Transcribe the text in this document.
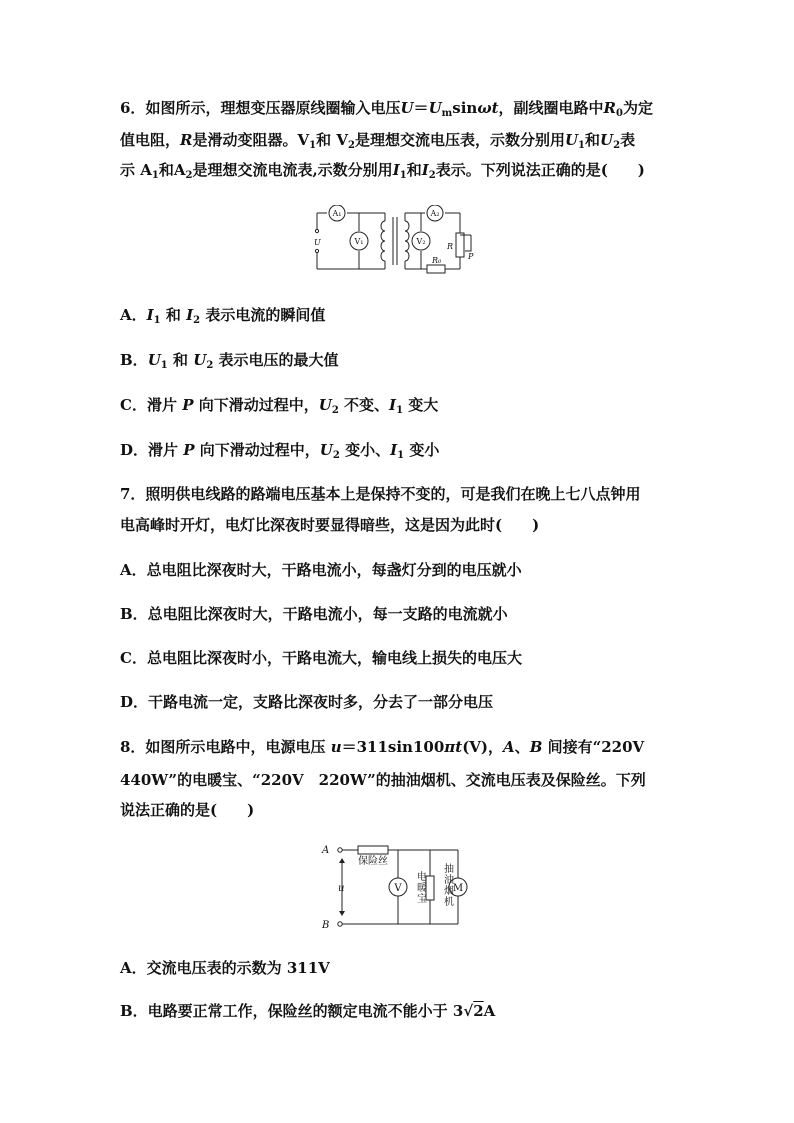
6．如图所示，理想变压器原线圈输入电压$U=U_m\sin\omega t$，副线圈电路中$R_0$为定
值电阻，R是滑动变阻器。$V_1$和 $V_2$是理想交流电压表，示数分别用$U_1$和$U_2$表
示 $A_1$和$A_2$是理想交流电流表,示数分别用$I_1$和$I_2$表示。下列说法正确的是(　　)
A₁
V₁
A₂
V₂
U	R
P
R₀
A．$I_1$ 和 $I_2$ 表示电流的瞬间值
B．$U_1$ 和 $U_2$ 表示电压的最大值
C．滑片 P 向下滑动过程中，$U_2$ 不变、$I_1$ 变大
D．滑片 P 向下滑动过程中，$U_2$ 变小、$I_1$ 变小
7．照明供电线路的路端电压基本上是保持不变的，可是我们在晚上七八点钟用
电高峰时开灯，电灯比深夜时要显得暗些，这是因为此时(　　)
A．总电阻比深夜时大，干路电流小，每盏灯分到的电压就小
B．总电阻比深夜时大，干路电流小，每一支路的电流就小
C．总电阻比深夜时小，干路电流大，输电线上损失的电压大
D．干路电流一定，支路比深夜时多，分去了一部分电压
8．如图所示电路中，电源电压 u＝311sin100πt(V)，A、B 间接有“220V
440W”的电暖宝、“220V　220W”的抽油烟机、交流电压表及保险丝。下列
说法正确的是(　　)
A
B
u
保险丝
V	M
电暖宝
抽油烟机
A．交流电压表的示数为 311V
B．电路要正常工作，保险丝的额定电流不能小于 3√2A
